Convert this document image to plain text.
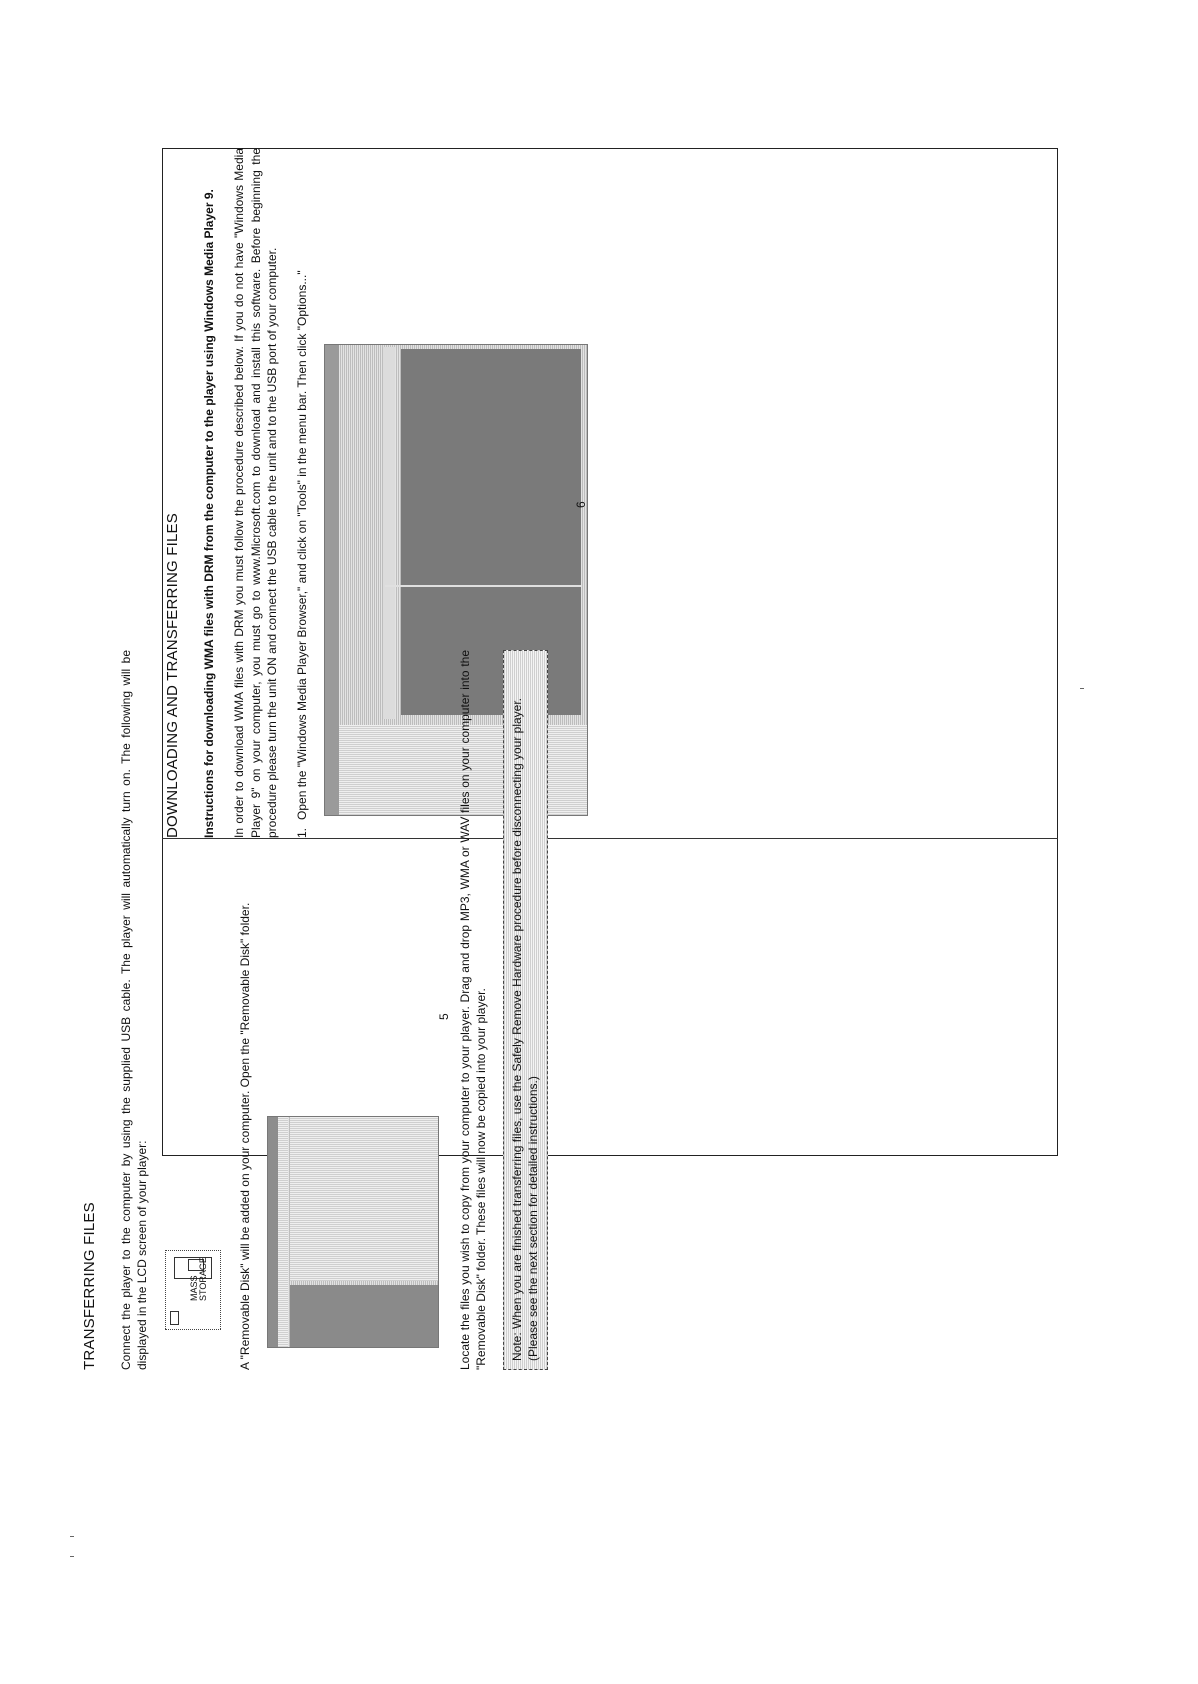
DOWNLOADING AND TRANSFERRING FILES Instructions for downloading WMA files with DRM from the computer to the player using Windows Media Player 9. In order to download WMA files with DRM you must follow the procedure described below. If you do not have "Windows Media Player 9" on your computer, you must go to www.Microsoft.com to download and install this software. Before beginning the procedure please turn the unit ON and connect the USB cable to the unit and to the USB port of your computer. 1.
Open the "Windows Media Player Browser," and click on "Tools" in the menu bar. Then click "Options..."	6
TRANSFERRING FILES Connect the player to the computer by using the supplied USB cable. The player will automatically turn on. The following will be displayed in the LCD screen of your player:	MASS STORAGE	A "Removable Disk" will be added on your computer. Open the "Removable Disk" folder.	Locate the files you wish to copy from your computer to your player. Drag and drop MP3, WMA or WAV files on your computer into the "Removable Disk" folder. These files will now be copied into your player.	Note: When you are finished transferring files, use the Safely Remove Hardware procedure before disconnecting your player. (Please see the next section for detailed instructions.)
5
